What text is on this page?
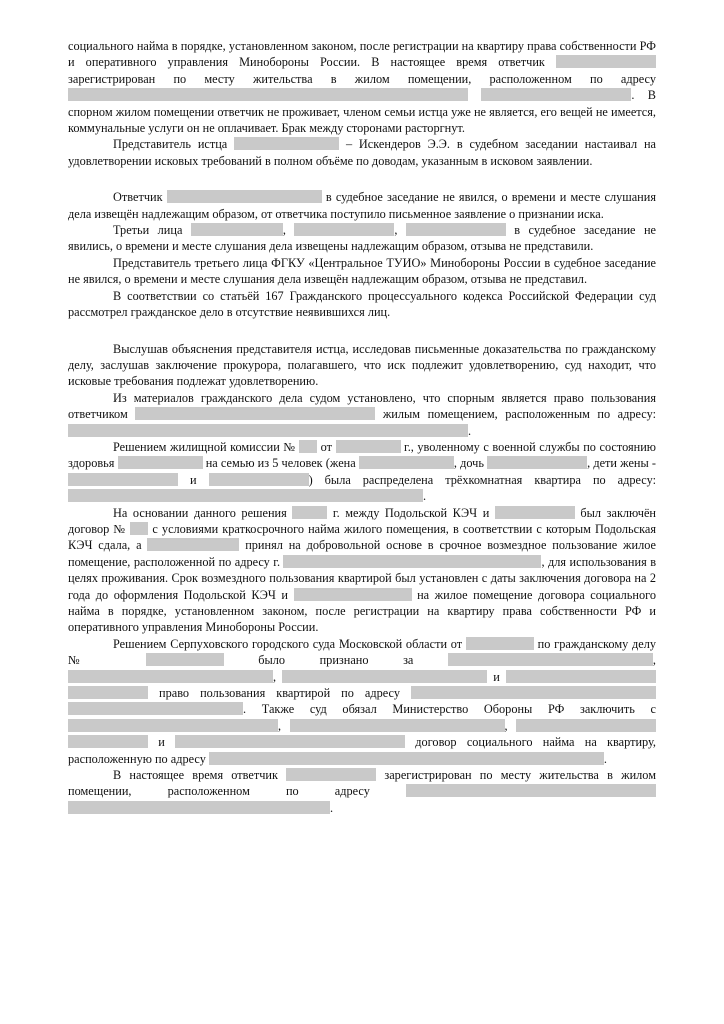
социального найма в порядке, установленном законом, после регистрации на квартиру права собственности РФ и оперативного управления Минобороны России. В настоящее время ответчик  зарегистрирован по месту жительства в жилом помещении, расположенном по адресу  . В спорном жилом помещении ответчик не проживает, членом семьи истца уже не является, его вещей не имеется, коммунальные услуги он не оплачивает. Брак между сторонами расторгнут.

Представитель истца	– Искендеров Э.Э. в судебном заседании настаивал на удовлетворении исковых требований в полном объёме по доводам, указанным в исковом заявлении.

Ответчик	в судебное заседание не явился, о времени и месте слушания дела извещён надлежащим образом, от ответчика поступило письменное заявление о признании иска.

Третьи лица	,	,	в судебное заседание не явились, о времени и месте слушания дела извещены надлежащим образом, отзыва не представили.

Представитель третьего лица ФГКУ «Центральное ТУИО» Минобороны России в судебное заседание не явился, о времени и месте слушания дела извещён надлежащим образом, отзыва не представил.

В соответствии со статьёй 167 Гражданского процессуального кодекса Российской Федерации суд рассмотрел гражданское дело в отсутствие неявившихся лиц.

Выслушав объяснения представителя истца, исследовав письменные доказательства по гражданскому делу, заслушав заключение прокурора, полагавшего, что иск подлежит удовлетворению, суд находит, что исковые требования подлежат удовлетворению.

Из материалов гражданского дела судом установлено, что спорным является право пользования ответчиком	жилым помещением, расположенным по адресу: .

Решением жилищной комиссии №  от	г., уволенному с военной службы по состоянию здоровья	на семью из 5 человек (жена	, дочь	, дети жены -  и	) была распределена трёхкомнатная квартира по адресу: .

На основании данного решения	г. между Подольской КЭЧ и	был заключён договор №  с условиями краткосрочного найма жилого помещения, в соответствии с которым Подольская КЭЧ сдала, а	принял на добровольной основе в срочное возмездное пользование жилое помещение, расположенной по адресу г.	, для использования в целях проживания. Срок возмездного пользования квартирой был установлен с даты заключения договора на 2 года до оформления Подольской КЭЧ и	на жилое помещение договора социального найма в порядке, установленном законом, после регистрации на квартиру права собственности РФ и оперативного управления Минобороны России.

Решением Серпуховского городского суда Московской области от	по гражданскому делу №	было признано за	, ,	и   право пользования квартирой по адресу  . Также суд обязал Министерство Обороны РФ заключить с ,	,   и	договор социального найма на квартиру, расположенную по адресу	.

В настоящее время ответчик	зарегистрирован по месту жительства в жилом помещении, расположенном по адресу  .
